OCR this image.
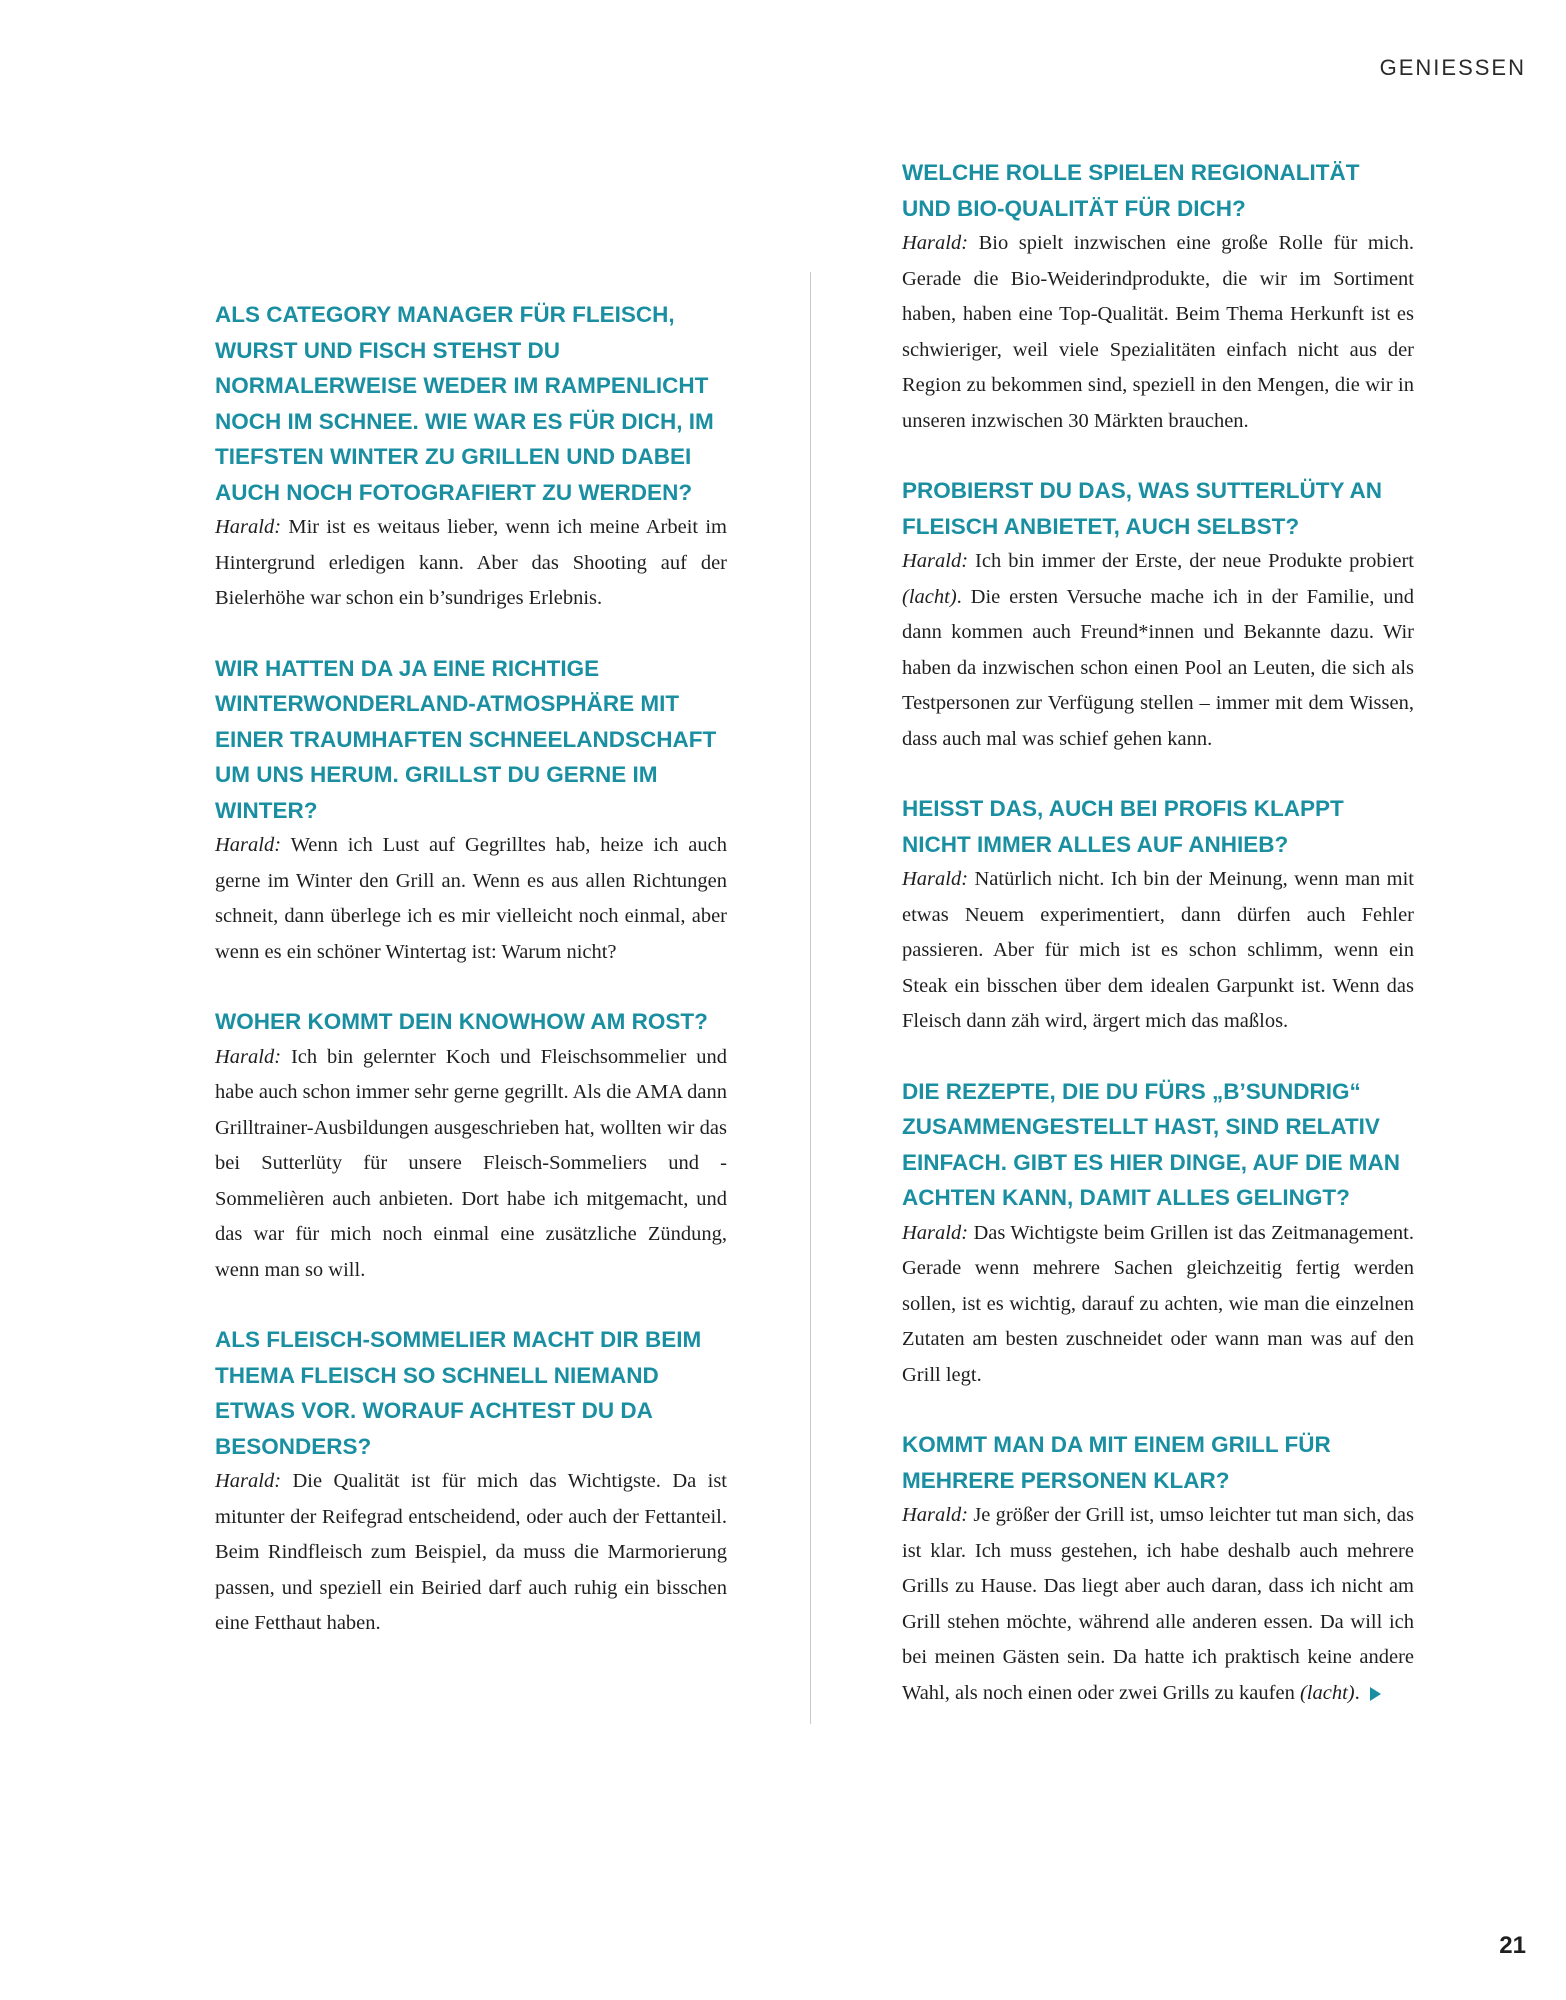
GENIESSEN

ALS CATEGORY MANAGER FÜR FLEISCH, WURST UND FISCH STEHST DU NORMALERWEISE WEDER IM RAMPENLICHT NOCH IM SCHNEE. WIE WAR ES FÜR DICH, IM TIEFSTEN WINTER ZU GRILLEN UND DABEI AUCH NOCH FOTOGRAFIERT ZU WERDEN?

Harald: Mir ist es weitaus lieber, wenn ich meine Arbeit im Hintergrund erledigen kann. Aber das Shooting auf der Bielerhöhe war schon ein b’sundriges Erlebnis.

WIR HATTEN DA JA EINE RICHTIGE WINTERWONDERLAND-ATMOSPHÄRE MIT EINER TRAUMHAFTEN SCHNEELANDSCHAFT UM UNS HERUM. GRILLST DU GERNE IM WINTER?

Harald: Wenn ich Lust auf Gegrilltes hab, heize ich auch gerne im Winter den Grill an. Wenn es aus allen Richtungen schneit, dann überlege ich es mir vielleicht noch einmal, aber wenn es ein schöner Wintertag ist: Warum nicht?

WOHER KOMMT DEIN KNOWHOW AM ROST?

Harald: Ich bin gelernter Koch und Fleischsommelier und habe auch schon immer sehr gerne gegrillt. Als die AMA dann Grilltrainer-Ausbildungen ausgeschrieben hat, wollten wir das bei Sutterlüty für unsere Fleisch-Sommeliers und -Sommelièren auch anbieten. Dort habe ich mitgemacht, und das war für mich noch einmal eine zusätzliche Zündung, wenn man so will.

ALS FLEISCH-SOMMELIER MACHT DIR BEIM THEMA FLEISCH SO SCHNELL NIEMAND ETWAS VOR. WORAUF ACHTEST DU DA BESONDERS?

Harald: Die Qualität ist für mich das Wichtigste. Da ist mitunter der Reifegrad entscheidend, oder auch der Fettanteil. Beim Rindfleisch zum Beispiel, da muss die Marmorierung passen, und speziell ein Beiried darf auch ruhig ein bisschen eine Fetthaut haben.

WELCHE ROLLE SPIELEN REGIONALITÄT UND BIO-QUALITÄT FÜR DICH?

Harald: Bio spielt inzwischen eine große Rolle für mich. Gerade die Bio-Weiderindprodukte, die wir im Sortiment haben, haben eine Top-Qualität. Beim Thema Herkunft ist es schwieriger, weil viele Spezialitäten einfach nicht aus der Region zu bekommen sind, speziell in den Mengen, die wir in unseren inzwischen 30 Märkten brauchen.

PROBIERST DU DAS, WAS SUTTERLÜTY AN FLEISCH ANBIETET, AUCH SELBST?

Harald: Ich bin immer der Erste, der neue Produkte probiert (lacht). Die ersten Versuche mache ich in der Familie, und dann kommen auch Freund*innen und Bekannte dazu. Wir haben da inzwischen schon einen Pool an Leuten, die sich als Testpersonen zur Verfügung stellen – immer mit dem Wissen, dass auch mal was schief gehen kann.

HEISST DAS, AUCH BEI PROFIS KLAPPT NICHT IMMER ALLES AUF ANHIEB?

Harald: Natürlich nicht. Ich bin der Meinung, wenn man mit etwas Neuem experimentiert, dann dürfen auch Fehler passieren. Aber für mich ist es schon schlimm, wenn ein Steak ein bisschen über dem idealen Garpunkt ist. Wenn das Fleisch dann zäh wird, ärgert mich das maßlos.

DIE REZEPTE, DIE DU FÜRS „B’SUNDRIG“ ZUSAMMENGESTELLT HAST, SIND RELATIV EINFACH. GIBT ES HIER DINGE, AUF DIE MAN ACHTEN KANN, DAMIT ALLES GELINGT?

Harald: Das Wichtigste beim Grillen ist das Zeitmanagement. Gerade wenn mehrere Sachen gleichzeitig fertig werden sollen, ist es wichtig, darauf zu achten, wie man die einzelnen Zutaten am besten zuschneidet oder wann man was auf den Grill legt.

KOMMT MAN DA MIT EINEM GRILL FÜR MEHRERE PERSONEN KLAR?

Harald: Je größer der Grill ist, umso leichter tut man sich, das ist klar. Ich muss gestehen, ich habe deshalb auch mehrere Grills zu Hause. Das liegt aber auch daran, dass ich nicht am Grill stehen möchte, während alle anderen essen. Da will ich bei meinen Gästen sein. Da hatte ich praktisch keine andere Wahl, als noch einen oder zwei Grills zu kaufen (lacht).

21
